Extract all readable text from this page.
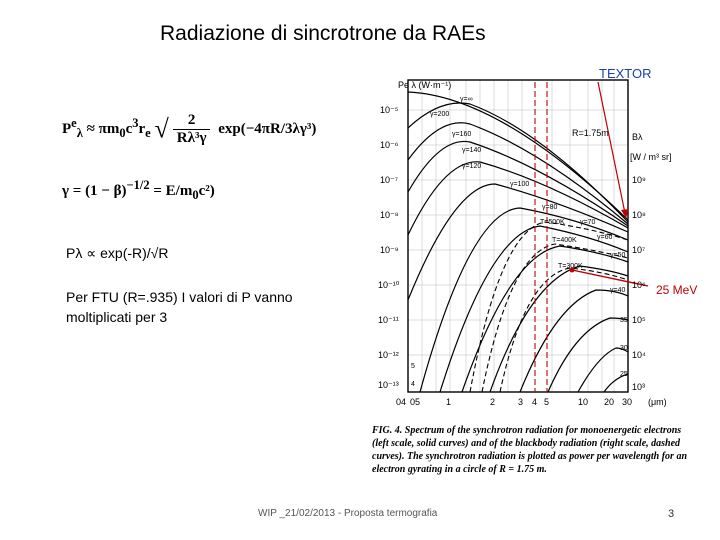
Radiazione di sincrotrone da RAEs
$P^e_\lambda \approx \pi m_0c^3r_e$ √ $\frac{2}{\text{Rλ³γ}} \exp(-4\pi R/3\lambda\gamma^3)$
$\gamma = (1 - \beta)^{-1/2} = E/m_0c^2$)
Pλ ∝ exp(-R)/√R
Per FTU (R=.935) I valori di P vanno moltiplicati per 3
TEXTOR
25 MeV
Pe λ (W·m⁻¹)
Bλ
[W / m³ sr]
R=1.75m
(μm)
10⁻⁵
10⁻⁶
10⁻⁷
10⁻⁸
10⁻⁹
10⁻¹⁰
10⁻¹¹
10⁻¹²
10⁻¹³
10⁹
10⁸
10⁷
10⁶
10⁵
10⁴
10³
04 05	1	2	3 4 5	10 20 30
γ=∞
γ=200
γ=160
γ=140
γ=120
γ=100
γ=80
γ=70
γ=60
γ=50
γ=40
T=500K
T=400K
T=300K
35
30
25
5
4
FIG. 4. Spectrum of the synchrotron radiation for monoenergetic electrons (left scale, solid curves) and of the blackbody radiation (right scale, dashed curves). The synchrotron radiation is plotted as power per wavelength for an electron gyrating in a circle of R = 1.75 m.
WIP _21/02/2013 - Proposta termografia	3
